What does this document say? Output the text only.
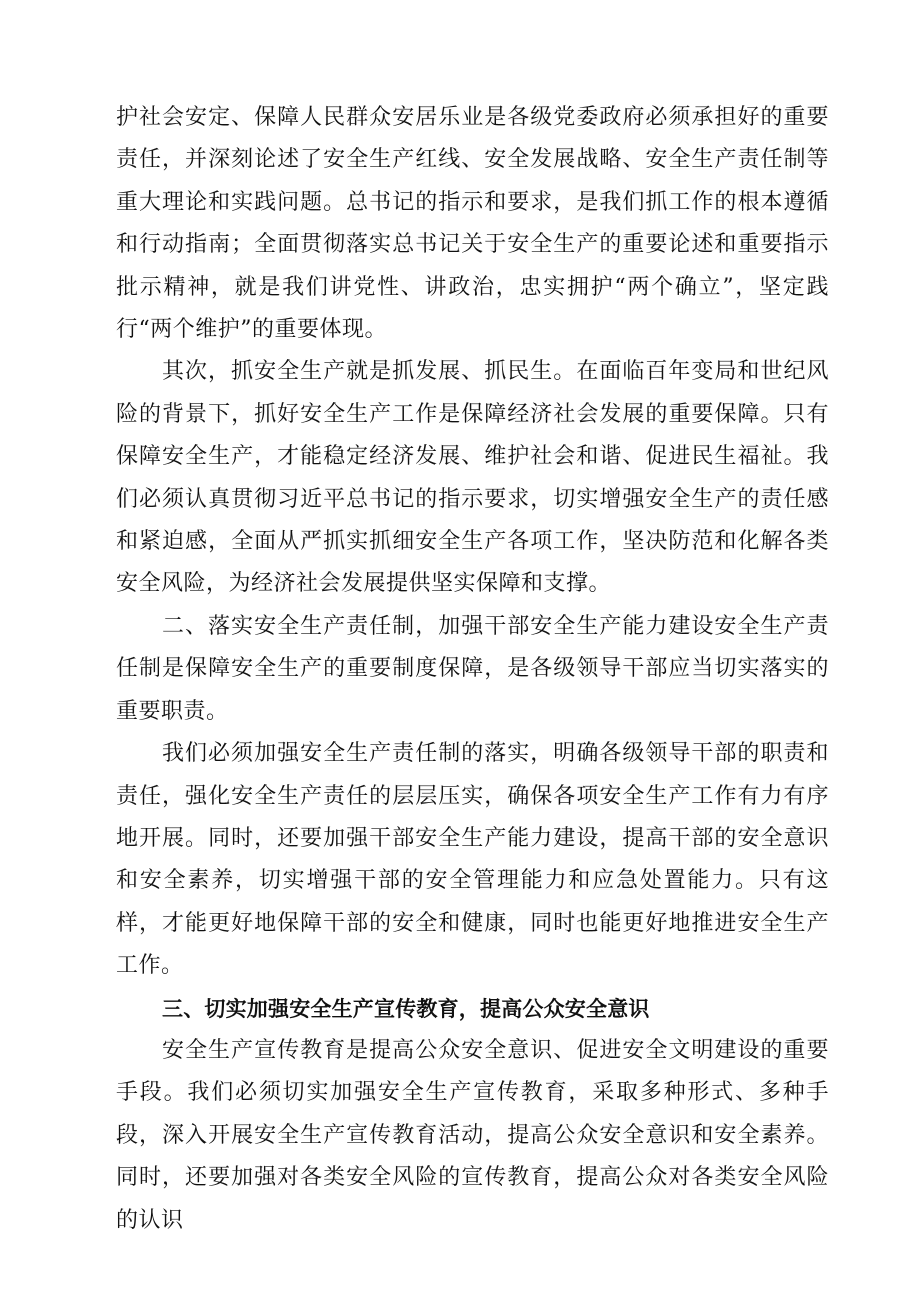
护社会安定、保障人民群众安居乐业是各级党委政府必须承担好的重要责任，并深刻论述了安全生产红线、安全发展战略、安全生产责任制等重大理论和实践问题。总书记的指示和要求，是我们抓工作的根本遵循和行动指南；全面贯彻落实总书记关于安全生产的重要论述和重要指示批示精神，就是我们讲党性、讲政治，忠实拥护“两个确立”，坚定践行“两个维护”的重要体现。

其次，抓安全生产就是抓发展、抓民生。在面临百年变局和世纪风险的背景下，抓好安全生产工作是保障经济社会发展的重要保障。只有保障安全生产，才能稳定经济发展、维护社会和谐、促进民生福祉。我们必须认真贯彻习近平总书记的指示要求，切实增强安全生产的责任感和紧迫感，全面从严抓实抓细安全生产各项工作，坚决防范和化解各类安全风险，为经济社会发展提供坚实保障和支撑。

二、落实安全生产责任制，加强干部安全生产能力建设安全生产责任制是保障安全生产的重要制度保障，是各级领导干部应当切实落实的重要职责。

我们必须加强安全生产责任制的落实，明确各级领导干部的职责和责任，强化安全生产责任的层层压实，确保各项安全生产工作有力有序地开展。同时，还要加强干部安全生产能力建设，提高干部的安全意识和安全素养，切实增强干部的安全管理能力和应急处置能力。只有这样，才能更好地保障干部的安全和健康，同时也能更好地推进安全生产工作。

三、切实加强安全生产宣传教育，提高公众安全意识

安全生产宣传教育是提高公众安全意识、促进安全文明建设的重要手段。我们必须切实加强安全生产宣传教育，采取多种形式、多种手段，深入开展安全生产宣传教育活动，提高公众安全意识和安全素养。同时，还要加强对各类安全风险的宣传教育，提高公众对各类安全风险的认识
